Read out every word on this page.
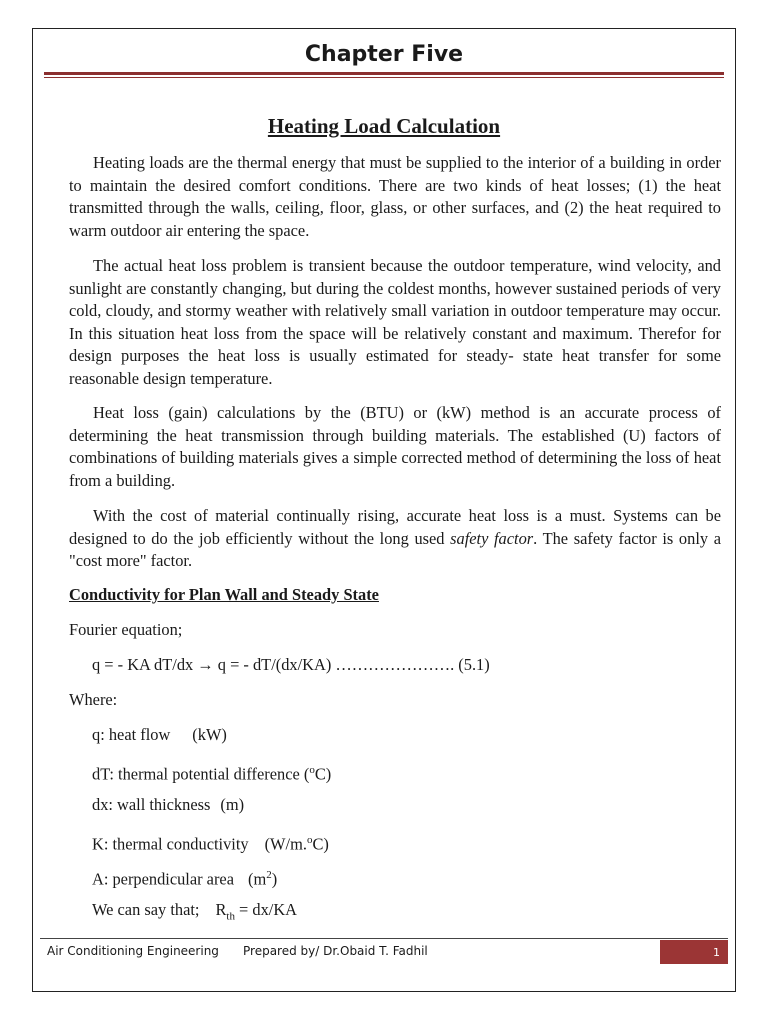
Chapter Five
Heating Load Calculation

Heating loads are the thermal energy that must be supplied to the interior of a building in order to maintain the desired comfort conditions. There are two kinds of heat losses; (1) the heat transmitted through the walls, ceiling, floor, glass, or other surfaces, and (2) the heat required to warm outdoor air entering the space.

The actual heat loss problem is transient because the outdoor temperature, wind velocity, and sunlight are constantly changing, but during the coldest months, however sustained periods of very cold, cloudy, and stormy weather with relatively small variation in outdoor temperature may occur. In this situation heat loss from the space will be relatively constant and maximum. Therefor for design purposes the heat loss is usually estimated for steady- state heat transfer for some reasonable design temperature.

Heat loss (gain) calculations by the (BTU) or (kW) method is an accurate process of determining the heat transmission through building materials. The established (U) factors of combinations of building materials gives a simple corrected method of determining the loss of heat from a building.

With the cost of material continually rising, accurate heat loss is a must. Systems can be designed to do the job efficiently without the long used safety factor. The safety factor is only a "cost more" factor.

Conductivity for Plan Wall and Steady State

Fourier equation;

q = - KA dT/dx → q = - dT/(dx/KA) …………………. (5.1)

Where:

q: heat flow (kW)

dT: thermal potential difference ($^o$C)

dx: wall thickness (m)

K: thermal conductivity (W/m.$^o$C)

A: perpendicular area $(m^2)$

We can say that; $R_{th} = dx/KA$

Air Conditioning Engineering Prepared by/ Dr.Obaid T. Fadhil	1
